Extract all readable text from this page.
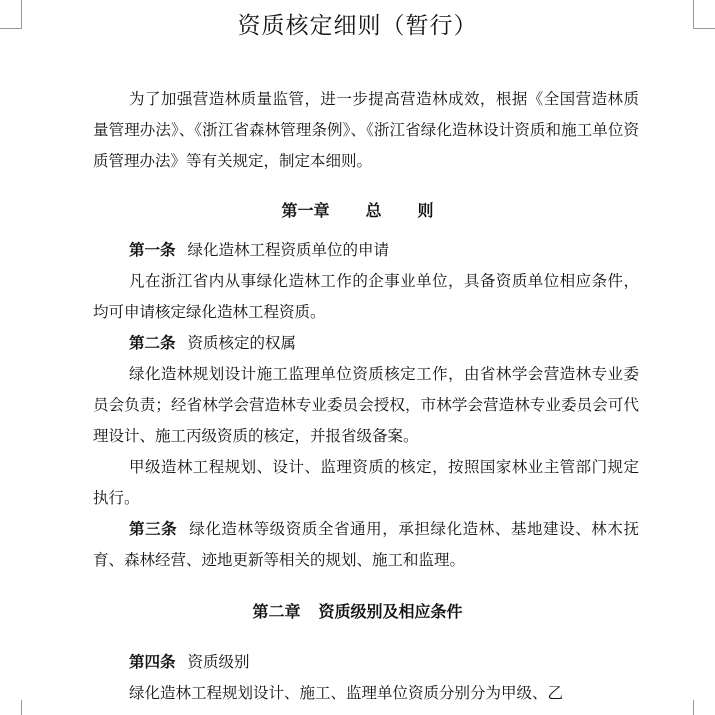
资质核定细则（暂行）

为了加强营造林质量监管，进一步提高营造林成效，根据《全国营造林质量管理办法》、《浙江省森林管理条例》、《浙江省绿化造林设计资质和施工单位资质管理办法》等有关规定，制定本细则。

第一章 总 则

第一条 绿化造林工程资质单位的申请

凡在浙江省内从事绿化造林工作的企事业单位，具备资质单位相应条件，均可申请核定绿化造林工程资质。

第二条 资质核定的权属

绿化造林规划设计施工监理单位资质核定工作，由省林学会营造林专业委员会负责；经省林学会营造林专业委员会授权，市林学会营造林专业委员会可代理设计、施工丙级资质的核定，并报省级备案。

甲级造林工程规划、设计、监理资质的核定，按照国家林业主管部门规定执行。

第三条 绿化造林等级资质全省通用，承担绿化造林、基地建设、林木抚育、森林经营、迹地更新等相关的规划、施工和监理。

第二章 资质级别及相应条件

第四条 资质级别

绿化造林工程规划设计、施工、监理单位资质分别分为甲级、乙
